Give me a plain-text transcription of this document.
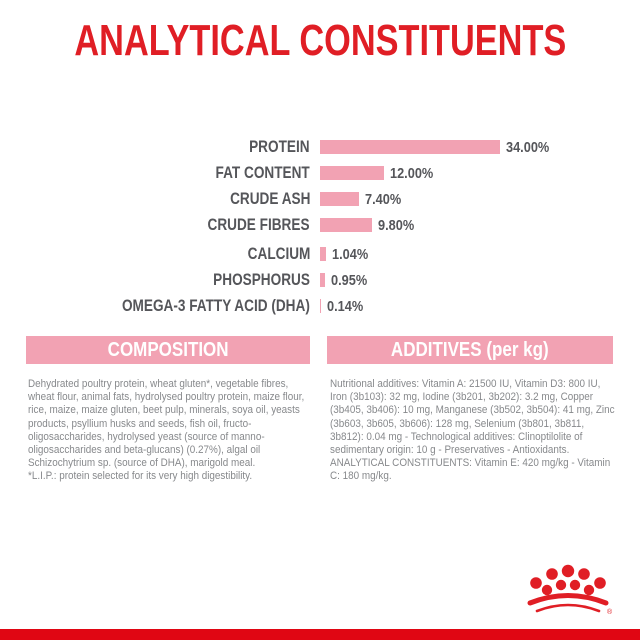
ANALYTICAL CONSTITUENTS
PROTEIN	34.00%
FAT CONTENT	12.00%
CRUDE ASH	7.40%
CRUDE FIBRES	9.80%
CALCIUM 1.04%
PHOSPHORUS 0.95%
OMEGA-3 FATTY ACID (DHA) 0.14%
COMPOSITION	ADDITIVES (per kg)

Dehydrated poultry protein, wheat gluten*, vegetable fibres, wheat flour, animal fats, hydrolysed poultry protein, maize flour, rice, maize, maize gluten, beet pulp, minerals, soya oil, yeasts products, psyllium husks and seeds, fish oil, fructo-oligosaccharides, hydrolysed yeast (source of manno-oligosaccharides and beta-glucans) (0.27%), algal oil Schizochytrium sp. (source of DHA), marigold meal.

*L.I.P.: protein selected for its very high digestibility.

Nutritional additives: Vitamin A: 21500 IU, Vitamin D3: 800 IU, Iron (3b103): 32 mg, Iodine (3b201, 3b202): 3.2 mg, Copper (3b405, 3b406): 10 mg, Manganese (3b502, 3b504): 41 mg, Zinc (3b603, 3b605, 3b606): 128 mg, Selenium (3b801, 3b811, 3b812): 0.04 mg - Technological additives: Clinoptilolite of sedimentary origin: 10 g - Preservatives - Antioxidants.

ANALYTICAL CONSTITUENTS: Vitamin E: 420 mg/kg - Vitamin C: 180 mg/kg.

®
